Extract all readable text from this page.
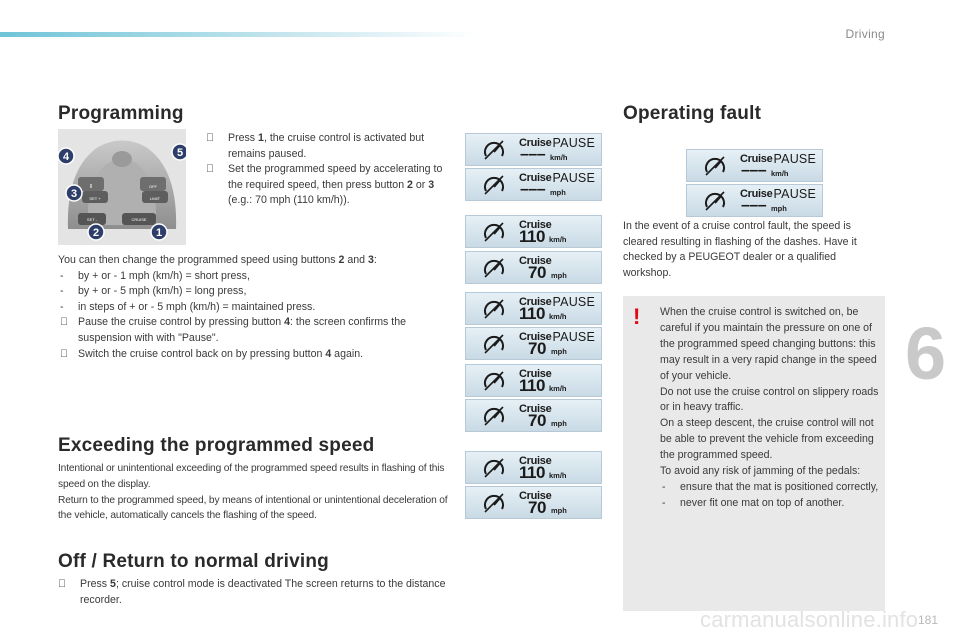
Driving
Programming
II
SET +
SET -	CRUISE
LIMIT
OFF
4	5
3
2	1
Press 1, the cruise control is activated but remains paused.
Set the programmed speed by accelerating to the required speed, then press button 2 or 3 (e.g.: 70 mph (110 km/h)).
You can then change the programmed speed using buttons 2 and 3:
- by + or - 1 mph (km/h) = short press,
- by + or - 5 mph (km/h) = long press,
- in steps of + or - 5 mph (km/h) = maintained press.
Pause the cruise control by pressing button 4: the screen confirms the suspension with with "Pause".
Switch the cruise control back on by pressing button 4 again.
Exceeding the programmed speed
Intentional or unintentional exceeding of the programmed speed results in flashing of this speed on the display.
Return to the programmed speed, by means of intentional or unintentional deceleration of the vehicle, automatically cancels the flashing of the speed.
Off / Return to normal driving
Press 5; cruise control mode is deactivated The screen returns to the distance recorder.
Cruise PAUSE
––– km/h
Cruise PAUSE
––– mph
Cruise
110 km/h
Cruise
70 mph
Cruise PAUSE
110 km/h
Cruise PAUSE
70 mph
Cruise
110 km/h
Cruise
70 mph
Cruise
110 km/h
Cruise
70 mph
Cruise PAUSE
––– km/h
Cruise PAUSE
––– mph
Operating fault
In the event of a cruise control fault, the speed is cleared resulting in flashing of the dashes. Have it checked by a PEUGEOT dealer or a qualified workshop.
! When the cruise control is switched on, be careful if you maintain the pressure on one of the programmed speed changing buttons: this may result in a very rapid change in the speed of your vehicle.
Do not use the cruise control on slippery roads or in heavy traffic.
On a steep descent, the cruise control will not be able to prevent the vehicle from exceeding the programmed speed.
To avoid any risk of jamming of the pedals:
- ensure that the mat is positioned correctly,
- never fit one mat on top of another.
6
carmanualsonline.info 181
